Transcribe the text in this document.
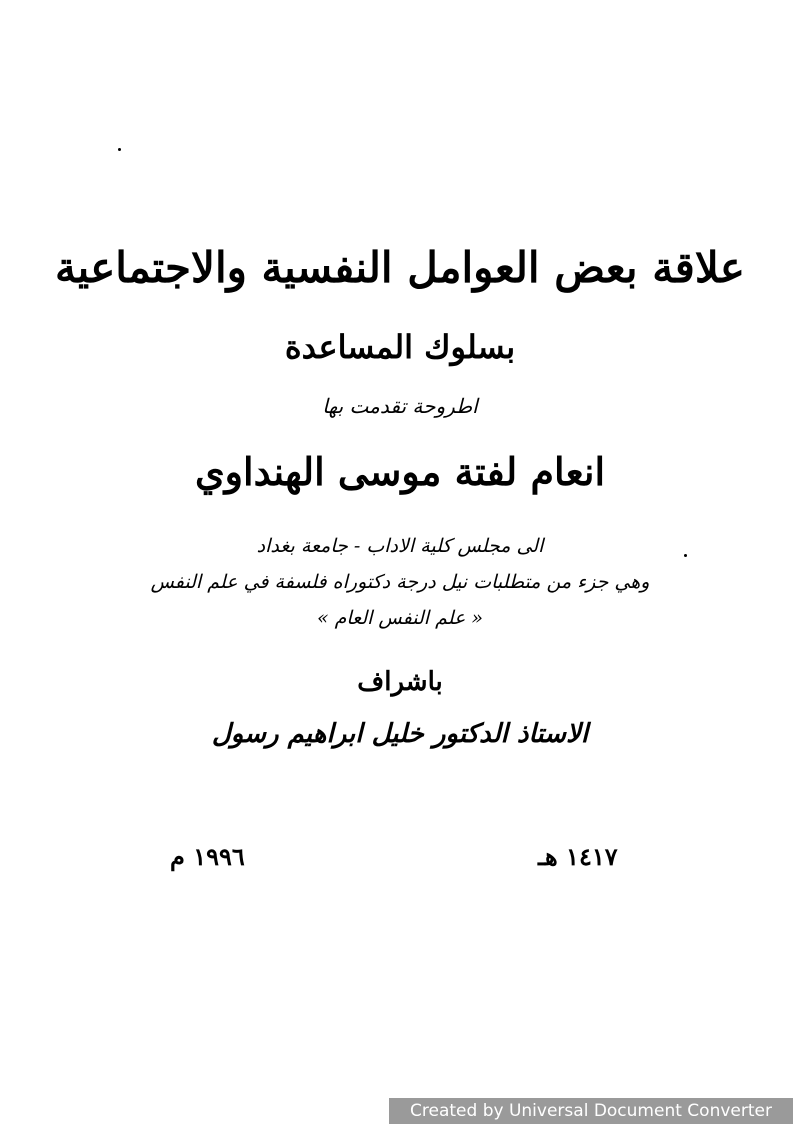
علاقة بعض العوامل النفسية والاجتماعية
بسلوك المساعدة
اطروحة تقدمت بها
انعام لفتة موسى الهنداوي
الى مجلس كلية الاداب - جامعة بغداد
وهي جزء من متطلبات نيل درجة دكتوراه فلسفة في علم النفس
« علم النفس العام »
باشراف
الاستاذ الدكتور خليل ابراهيم رسول
١٤١٧ هـ
١٩٩٦ م
Created by Universal Document Converter
